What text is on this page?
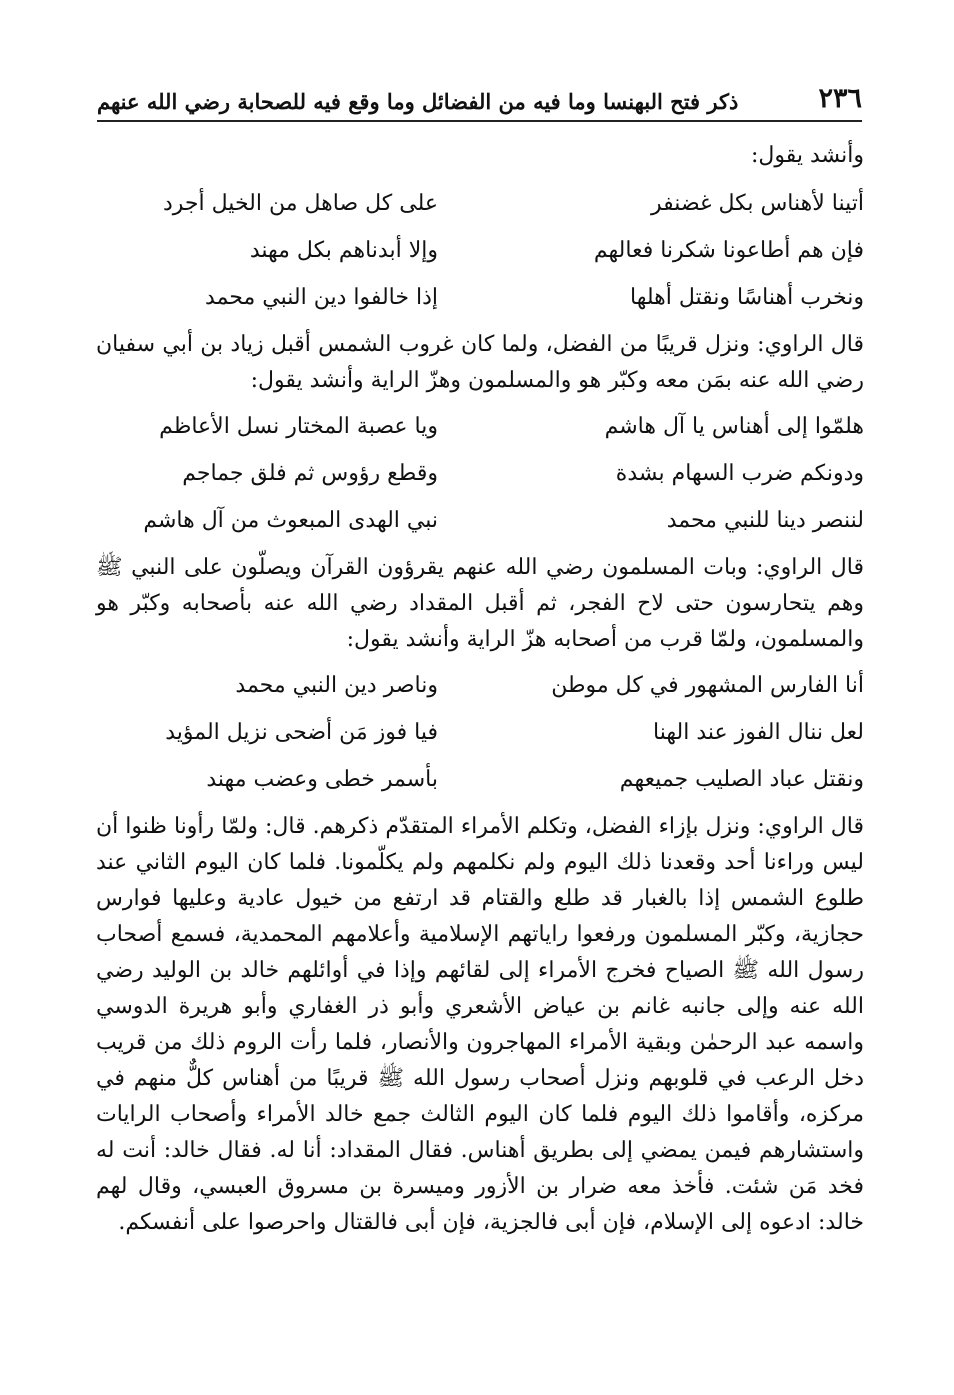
٢٣٦
ذكر فتح البهنسا وما فيه من الفضائل وما وقع فيه للصحابة رضي الله عنهم
وأنشد يقول:
أتينا لأهناس بكل غضنفر
على كل صاهل من الخيل أجرد
فإن هم أطاعونا شكرنا فعالهم
وإلا أبدناهم بكل مهند
ونخرب أهناسًا ونقتل أهلها
إذا خالفوا دين النبي محمد

قال الراوي: ونزل قريبًا من الفضل، ولما كان غروب الشمس أقبل زياد بن أبي سفيان رضي الله عنه بمَن معه وكبّر هو والمسلمون وهزّ الراية وأنشد يقول:

هلمّوا إلى أهناس يا آل هاشم
ويا عصبة المختار نسل الأعاظم
ودونكم ضرب السهام بشدة
وقطع رؤوس ثم فلق جماجم
لننصر دينا للنبي محمد
نبي الهدى المبعوث من آل هاشم

قال الراوي: وبات المسلمون رضي الله عنهم يقرؤون القرآن ويصلّون على النبي ﷺ وهم يتحارسون حتى لاح الفجر، ثم أقبل المقداد رضي الله عنه بأصحابه وكبّر هو والمسلمون، ولمّا قرب من أصحابه هزّ الراية وأنشد يقول:

أنا الفارس المشهور في كل موطن
وناصر دين النبي محمد
لعل ننال الفوز عند الهنا
فيا فوز مَن أضحى نزيل المؤيد
ونقتل عباد الصليب جميعهم
بأسمر خطى وعضب مهند

قال الراوي: ونزل بإزاء الفضل، وتكلم الأمراء المتقدّم ذكرهم. قال: ولمّا رأونا ظنوا أن ليس وراءنا أحد وقعدنا ذلك اليوم ولم نكلمهم ولم يكلّمونا. فلما كان اليوم الثاني عند طلوع الشمس إذا بالغبار قد طلع والقتام قد ارتفع من خيول عادية وعليها فوارس حجازية، وكبّر المسلمون ورفعوا راياتهم الإسلامية وأعلامهم المحمدية، فسمع أصحاب رسول الله ﷺ الصياح فخرج الأمراء إلى لقائهم وإذا في أوائلهم خالد بن الوليد رضي الله عنه وإلى جانبه غانم بن عياض الأشعري وأبو ذر الغفاري وأبو هريرة الدوسي واسمه عبد الرحمٰن وبقية الأمراء المهاجرون والأنصار، فلما رأت الروم ذلك من قريب دخل الرعب في قلوبهم ونزل أصحاب رسول الله ﷺ قريبًا من أهناس كلٌّ منهم في مركزه، وأقاموا ذلك اليوم فلما كان اليوم الثالث جمع خالد الأمراء وأصحاب الرايات واستشارهم فيمن يمضي إلى بطريق أهناس. فقال المقداد: أنا له. فقال خالد: أنت له فخد مَن شئت. فأخذ معه ضرار بن الأزور وميسرة بن مسروق العبسي، وقال لهم خالد: ادعوه إلى الإسلام، فإن أبى فالجزية، فإن أبى فالقتال واحرصوا على أنفسكم.
